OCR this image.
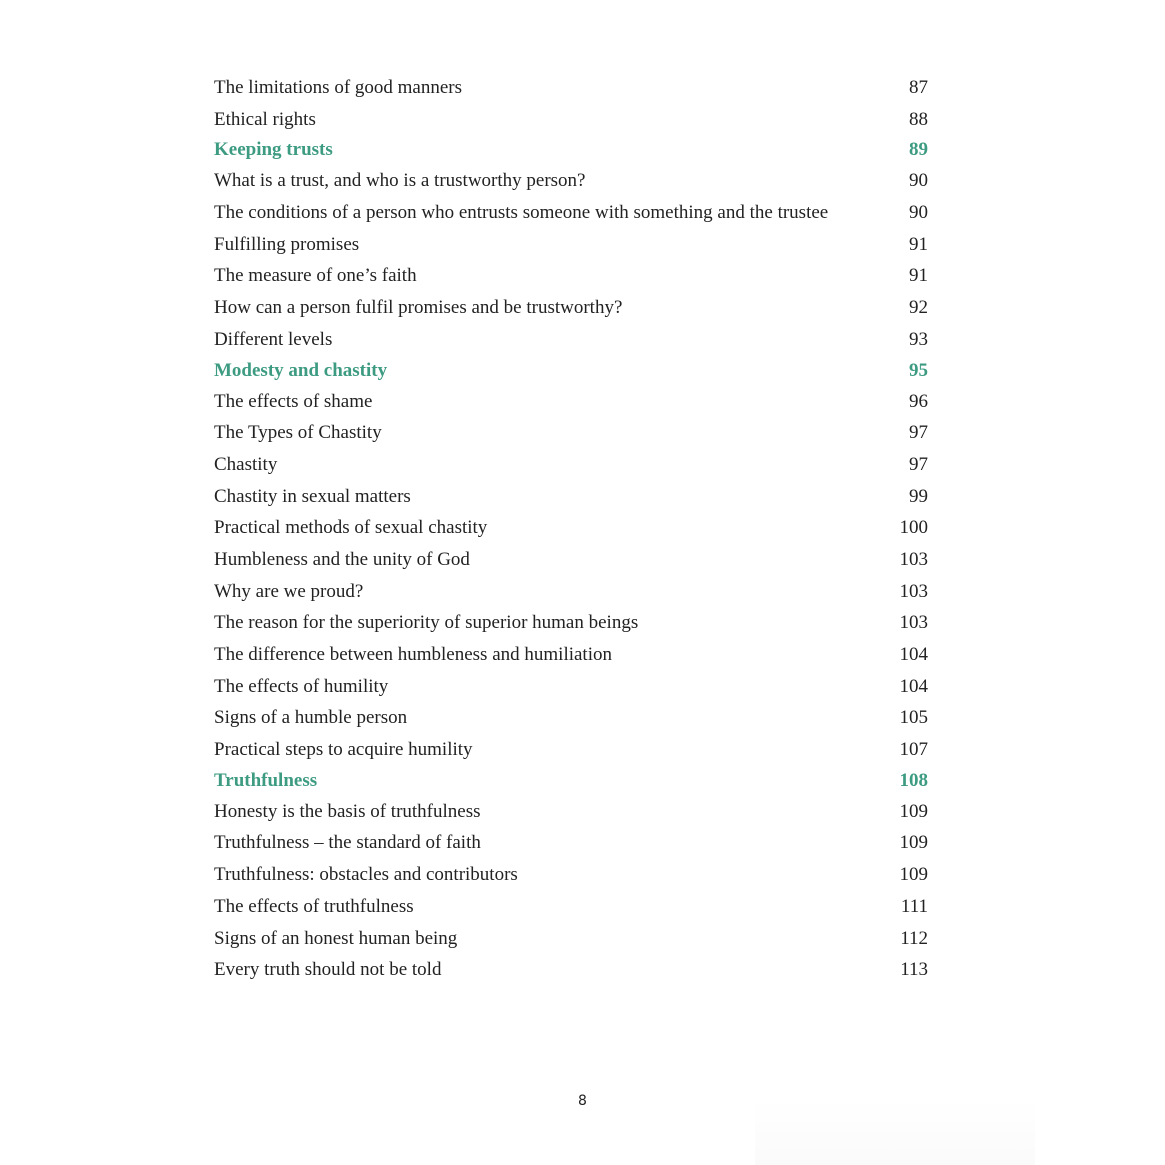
The limitations of good manners	87
Ethical rights	88
Keeping trusts	89
What is a trust, and who is a trustworthy person?	90
The conditions of a person who entrusts someone with something and the trustee	90
Fulfilling promises	91
The measure of one’s faith	91
How can a person fulfil promises and be trustworthy?	92
Different levels	93
Modesty and chastity	95
The effects of shame	96
The Types of Chastity	97
Chastity	97
Chastity in sexual matters	99
Practical methods of sexual chastity	100
Humbleness and the unity of God	103
Why are we proud?	103
The reason for the superiority of superior human beings	103
The difference between humbleness and humiliation	104
The effects of humility	104
Signs of a humble person	105
Practical steps to acquire humility	107
Truthfulness	108
Honesty is the basis of truthfulness	109
Truthfulness – the standard of faith	109
Truthfulness: obstacles and contributors	109
The effects of truthfulness	111
Signs of an honest human being	112
Every truth should not be told	113
8
